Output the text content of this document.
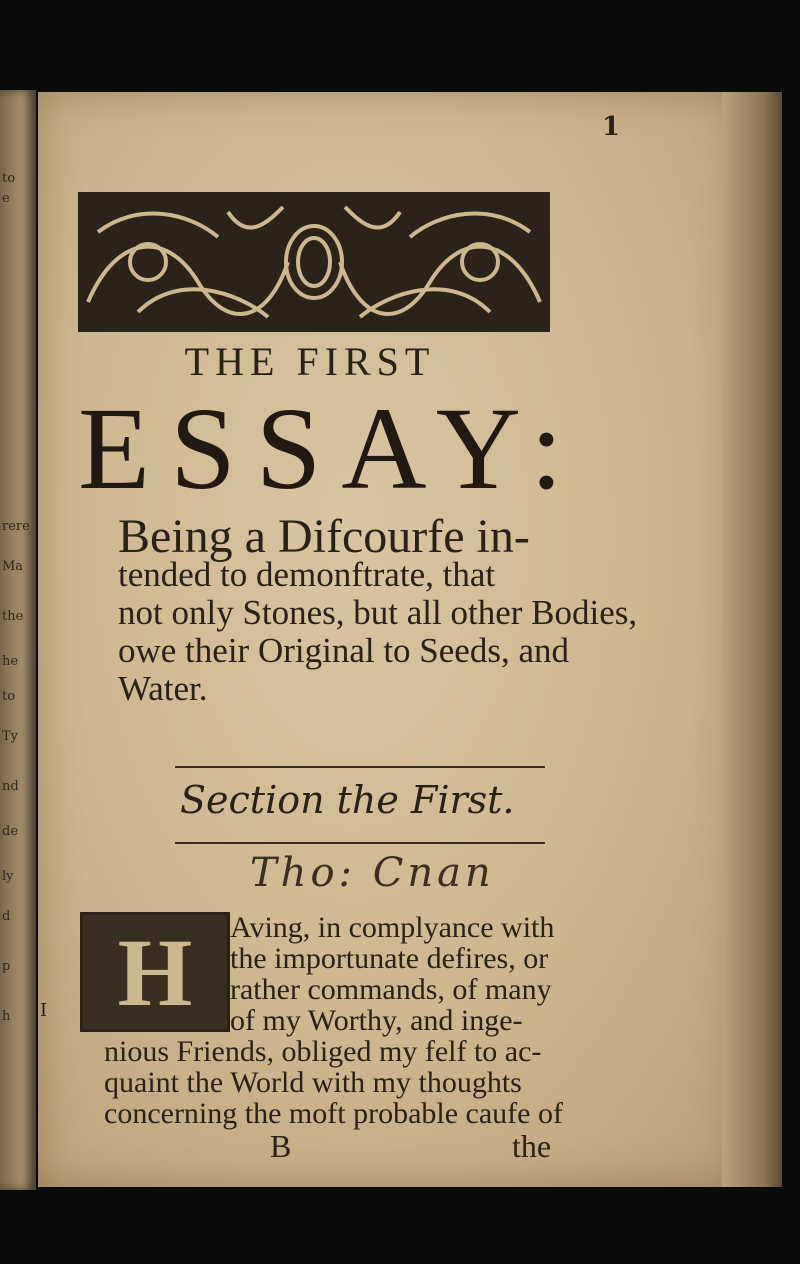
to
e
rere
Ma
the
he
to
Ty
nd
de
ly
d
p
h
1
THE FIRST
ESSAY:
Being a Difcourfe in-
tended to demonftrate, that
not only Stones, but all other Bodies,
owe their Original to Seeds, and
Water.
Section the First.
Tho: Cnan
H Aving, in complyance with
the importunate defires, or
rather commands, of many
of my Worthy, and inge-
nious Friends, obliged my felf to ac-
quaint the World with my thoughts
concerning the moft probable caufe of
I
B	the
